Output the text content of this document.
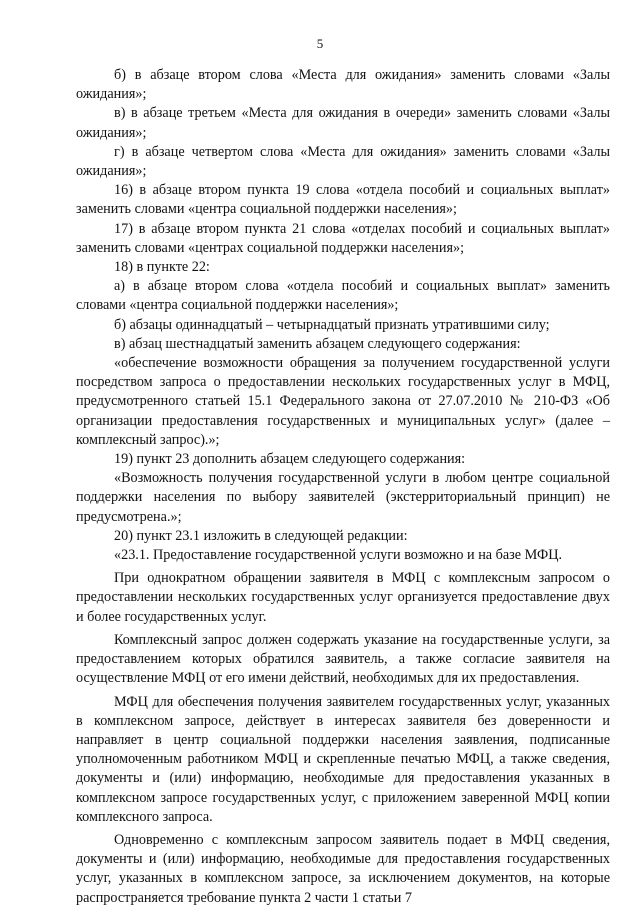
5

б) в абзаце втором слова «Места для ожидания» заменить словами «Залы ожидания»;

в) в абзаце третьем «Места для ожидания в очереди» заменить словами «Залы ожидания»;

г) в абзаце четвертом слова «Места для ожидания» заменить словами «Залы ожидания»;

16) в абзаце втором пункта 19 слова «отдела пособий и социальных выплат» заменить словами «центра социальной поддержки населения»;

17) в абзаце втором пункта 21 слова «отделах пособий и социальных выплат» заменить словами «центрах социальной поддержки населения»;

18) в пункте 22:

а) в абзаце втором слова «отдела пособий и социальных выплат» заменить словами «центра социальной поддержки населения»;

б) абзацы одиннадцатый – четырнадцатый признать утратившими силу;

в) абзац шестнадцатый заменить абзацем следующего содержания:

«обеспечение возможности обращения за получением государственной услуги посредством запроса о предоставлении нескольких государственных услуг в МФЦ, предусмотренного статьей 15.1 Федерального закона от 27.07.2010 № 210-ФЗ «Об организации предоставления государственных и муниципальных услуг» (далее – комплексный запрос).»;

19) пункт 23 дополнить абзацем следующего содержания:

«Возможность получения государственной услуги в любом центре социальной поддержки населения по выбору заявителей (экстерриториальный принцип) не предусмотрена.»;

20) пункт 23.1 изложить в следующей редакции:

«23.1. Предоставление государственной услуги возможно и на базе МФЦ.

При однократном обращении заявителя в МФЦ с комплексным запросом о предоставлении нескольких государственных услуг организуется предоставление двух и более государственных услуг.

Комплексный запрос должен содержать указание на государственные услуги, за предоставлением которых обратился заявитель, а также согласие заявителя на осуществление МФЦ от его имени действий, необходимых для их предоставления.

МФЦ для обеспечения получения заявителем государственных услуг, указанных в комплексном запросе, действует в интересах заявителя без доверенности и направляет в центр социальной поддержки населения заявления, подписанные уполномоченным работником МФЦ и скрепленные печатью МФЦ, а также сведения, документы и (или) информацию, необходимые для предоставления указанных в комплексном запросе государственных услуг, с приложением заверенной МФЦ копии комплексного запроса.

Одновременно с комплексным запросом заявитель подает в МФЦ сведения, документы и (или) информацию, необходимые для предоставления государственных услуг, указанных в комплексном запросе, за исключением документов, на которые распространяется требование пункта 2 части 1 статьи 7
